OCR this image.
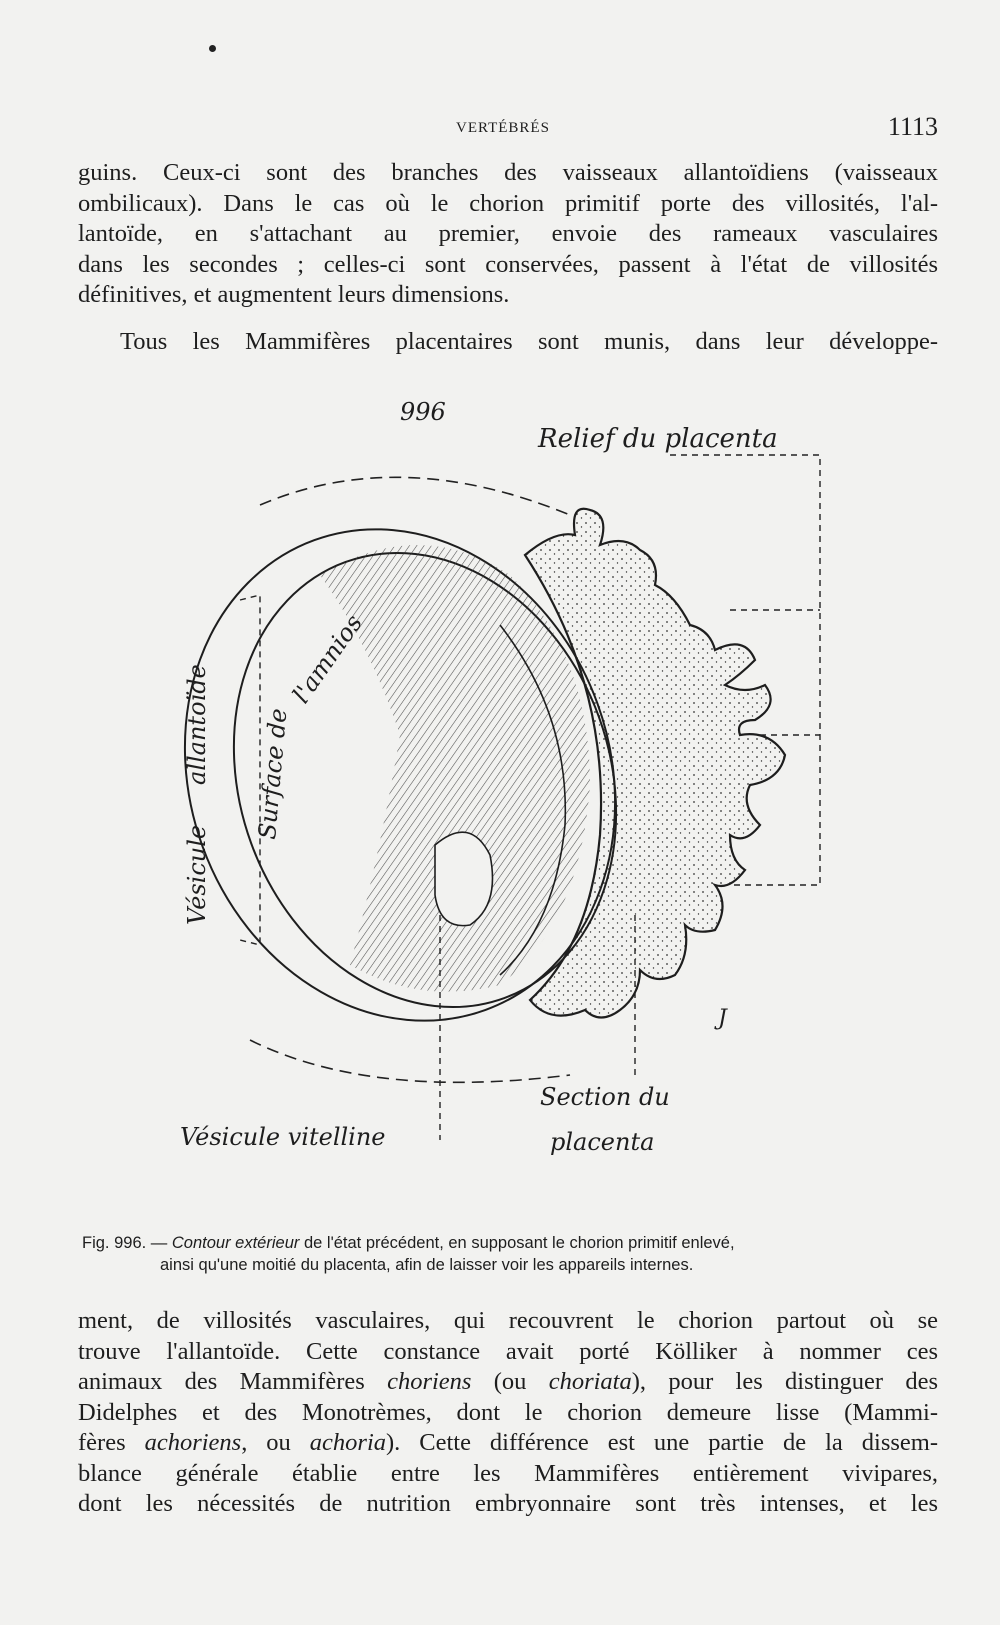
VERTÉBRÉS	1113
guins. Ceux-ci sont des branches des vaisseaux allantoïdiens (vaisseaux
ombilicaux). Dans le cas où le chorion primitif porte des villosités, l'al-
lantoïde, en s'attachant au premier, envoie des rameaux vasculaires
dans les secondes ; celles-ci sont conservées, passent à l'état de villosités
définitives, et augmentent leurs dimensions.
Tous les Mammifères placentaires sont munis, dans leur développe-
996
Relief du placenta
Vésicule
allantoïde Surface de
l'amnios
Vésicule vitelline
Section du
placenta
J
Fig. 996. — Contour extérieur de l'état précédent, en supposant le chorion primitif enlevé,
ainsi qu'une moitié du placenta, afin de laisser voir les appareils internes.
ment, de villosités vasculaires, qui recouvrent le chorion partout où se
trouve l'allantoïde. Cette constance avait porté Kölliker à nommer ces
animaux des Mammifères choriens (ou choriata), pour les distinguer des
Didelphes et des Monotrèmes, dont le chorion demeure lisse (Mammi-
fères achoriens, ou achoria). Cette différence est une partie de la dissem-
blance générale établie entre les Mammifères entièrement vivipares,
dont les nécessités de nutrition embryonnaire sont très intenses, et les
